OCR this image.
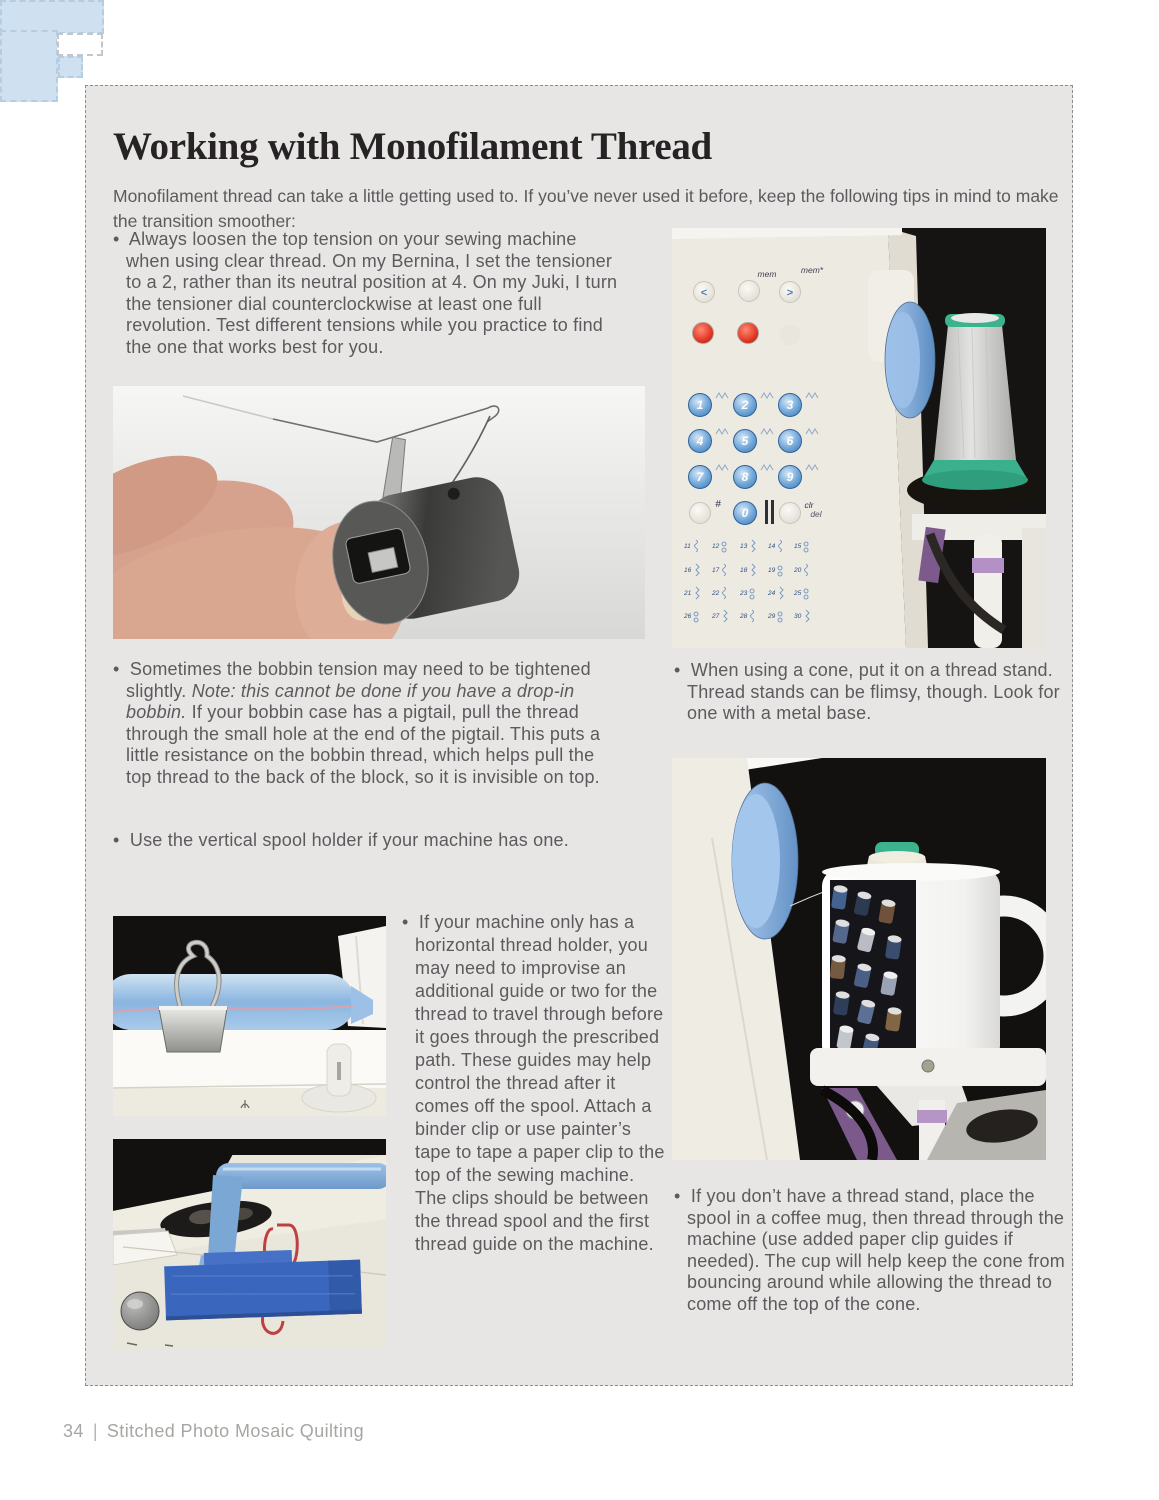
Working with Monofilament Thread

Monofilament thread can take a little getting used to. If you’ve never used it before, keep the following tips in mind to make the transition smoother:

• Always loosen the top tension on your sewing machine when using clear thread. On my Bernina, I set the tensioner to a 2, rather than its neutral position at 4. On my Juki, I turn the tensioner dial counterclockwise at least one full revolution. Test different tensions while you practice to find the one that works best for you.
• Sometimes the bobbin tension may need to be tightened slightly. Note: this cannot be done if you have a drop-in bobbin. If your bobbin case has a pigtail, pull the thread through the small hole at the end of the pigtail. This puts a little resistance on the bobbin thread, which helps pull the top thread to the back of the block, so it is invisible on top.
• Use the vertical spool holder if your machine has one.
• If your machine only has a horizontal thread holder, you may need to improvise an additional guide or two for the thread to travel through before it goes through the prescribed path. These guides may help control the thread after it comes off the spool. Attach a binder clip or use painter’s tape to tape a paper clip to the top of the sewing machine. The clips should be between the thread spool and the first thread guide on the machine.
<	>
mem	mem*
1	2	3
4	5	6
7	8	9
0
#	clr
del
11	12	13	14	15
16	17	18	19	20
21	22	23	24	25
26	27	28	29	30
• When using a cone, put it on a thread stand. Thread stands can be flimsy, though. Look for one with a metal base.
• If you don’t have a thread stand, place the spool in a coffee mug, then thread through the machine (use added paper clip guides if needed). The cup will help keep the cone from bouncing around while allowing the thread to come off the top of the cone.
34 | Stitched Photo Mosaic Quilting
